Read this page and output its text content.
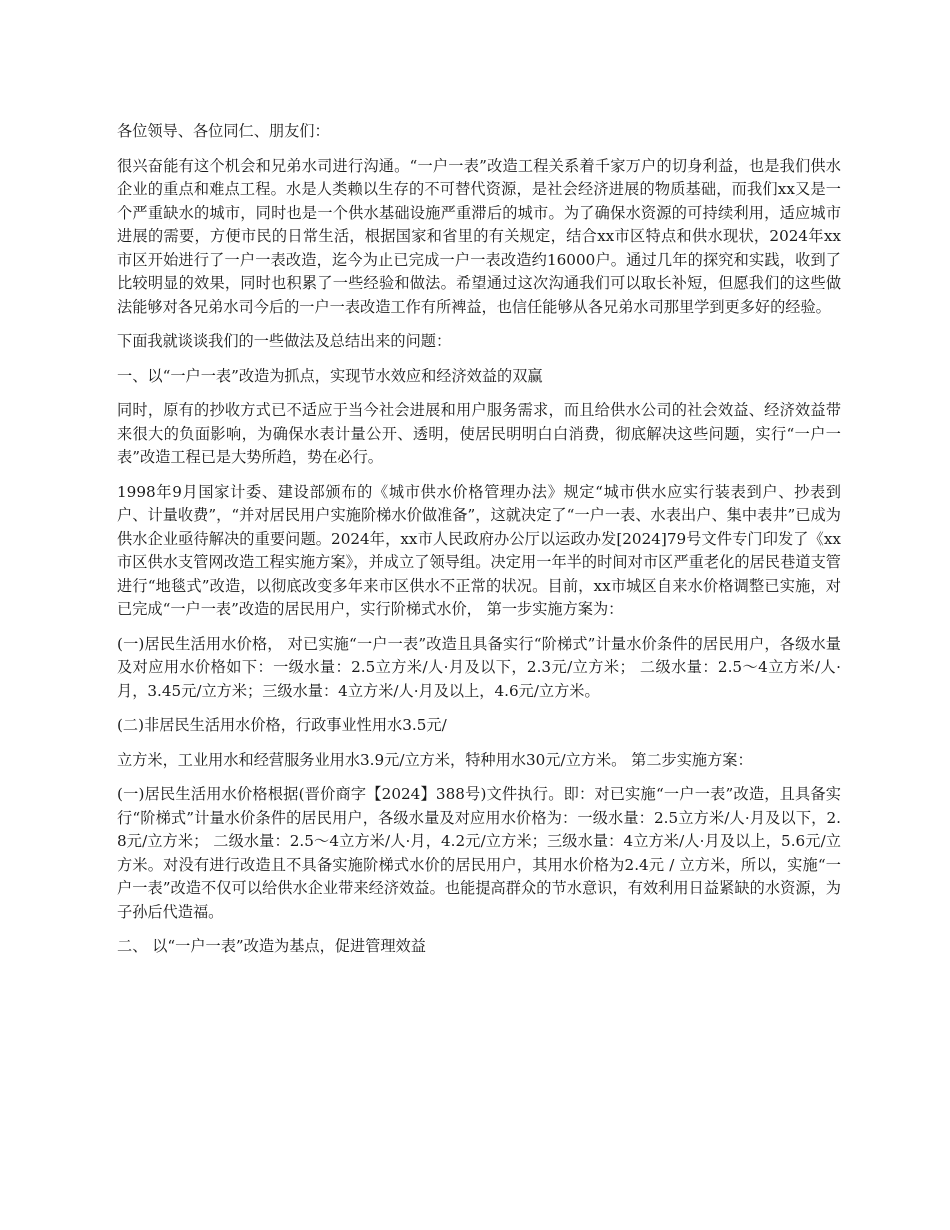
各位领导、各位同仁、朋友们：

很兴奋能有这个机会和兄弟水司进行沟通。“一户一表”改造工程关系着千家万户的切身利益，也是我们供水企业的重点和难点工程。水是人类赖以生存的不可替代资源，是社会经济进展的物质基础，而我们xx又是一个严重缺水的城市，同时也是一个供水基础设施严重滞后的城市。为了确保水资源的可持续利用，适应城市进展的需要，方便市民的日常生活，根据国家和省里的有关规定，结合xx市区特点和供水现状，2024年xx市区开始进行了一户一表改造，迄今为止已完成一户一表改造约16000户。通过几年的探究和实践，收到了比较明显的效果，同时也积累了一些经验和做法。希望通过这次沟通我们可以取长补短，但愿我们的这些做法能够对各兄弟水司今后的一户一表改造工作有所裨益，也信任能够从各兄弟水司那里学到更多好的经验。

下面我就谈谈我们的一些做法及总结出来的问题：

一、以“一户一表”改造为抓点，实现节水效应和经济效益的双赢

同时，原有的抄收方式已不适应于当今社会进展和用户服务需求，而且给供水公司的社会效益、经济效益带来很大的负面影响，为确保水表计量公开、透明，使居民明明白白消费，彻底解决这些问题，实行“一户一表”改造工程已是大势所趋，势在必行。

1998年9月国家计委、建设部颁布的《城市供水价格管理办法》规定“城市供水应实行装表到户、抄表到户、计量收费”，“并对居民用户实施阶梯水价做准备”，这就决定了“一户一表、水表出户、集中表井”已成为供水企业亟待解决的重要问题。2024年，xx市人民政府办公厅以运政办发[2024]79号文件专门印发了《xx市区供水支管网改造工程实施方案》，并成立了领导组。决定用一年半的时间对市区严重老化的居民巷道支管进行“地毯式”改造，以彻底改变多年来市区供水不正常的状况。目前，xx市城区自来水价格调整已实施，对已完成“一户一表”改造的居民用户，实行阶梯式水价， 第一步实施方案为：

(一)居民生活用水价格， 对已实施“一户一表”改造且具备实行“阶梯式”计量水价条件的居民用户，各级水量及对应用水价格如下：一级水量：2.5立方米/人·月及以下，2.3元/立方米； 二级水量：2.5～4立方米/人·月，3.45元/立方米；三级水量：4立方米/人·月及以上，4.6元/立方米。

(二)非居民生活用水价格，行政事业性用水3.5元/

立方米，工业用水和经营服务业用水3.9元/立方米，特种用水30元/立方米。 第二步实施方案：

(一)居民生活用水价格根据(晋价商字【2024】388号)文件执行。即：对已实施“一户一表”改造，且具备实行“阶梯式”计量水价条件的居民用户，各级水量及对应用水价格为：一级水量：2.5立方米/人·月及以下，2.8元/立方米； 二级水量：2.5～4立方米/人·月，4.2元/立方米；三级水量：4立方米/人·月及以上，5.6元/立方米。对没有进行改造且不具备实施阶梯式水价的居民用户，其用水价格为2.4元 / 立方米，所以，实施“一户一表”改造不仅可以给供水企业带来经济效益。也能提高群众的节水意识，有效利用日益紧缺的水资源，为子孙后代造福。

二、 以“一户一表”改造为基点，促进管理效益
